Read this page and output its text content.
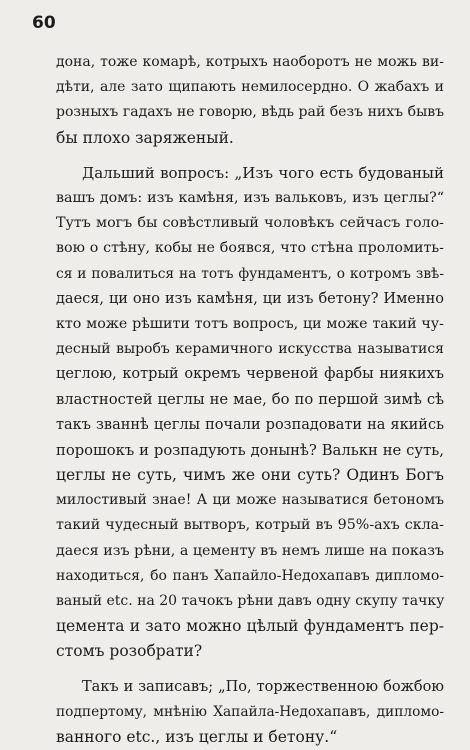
60
дона, тоже комарѣ, котрыхъ наоборотъ не можь ви-
дѣти, але зато щипають немилосердно. О жабахъ и
розныхъ гадахъ не говорю, вѣдь рай безъ нихъ бывъ
бы плохо заряженый.
Дальший вопросъ: „Изъ чого есть будованый
вашъ домъ: изъ камѣня, изъ вальковъ, изъ цеглы?“
Тутъ могъ бы совѣстливый чоловѣкъ сейчасъ голо-
вою о стѣну, кобы не боявся, что стѣна проломить-
ся и повалиться на тотъ фундаментъ, о котромъ звѣ-
даеся, ци оно изъ камѣня, ци изъ бетону? Именно
кто може рѣшити тотъ вопросъ, ци може такий чу-
десный выробъ керамичного искусства называтися
цеглою, котрый окремъ червеной фарбы ниякихъ
властностей цеглы не мае, бо по першой зимѣ сѣ
такъ званнѣ цеглы почали розпадовати на якийсь
порошокъ и розпадують донынѣ? Валькн не суть,
цеглы не суть, чимъ же они суть? Одинъ Богъ
милостивый знае! А ци може называтися бетономъ
такий чудесный вытворъ, котрый въ 95%-ахъ скла-
даеся изъ рѣни, а цементу въ немъ лише на показъ
находиться, бо панъ Хапайло-Недохапавъ дипломо-
ваный etc. на 20 тачокъ рѣни давъ одну скупу тачку
цемента и зато можно цѣлый фундаментъ пер-
стомъ розобрати?
Такъ и записавъ; „По, торжественною божбою
подпертому, мнѣнію Хапайла-Недохапавъ, дипломо-
ванного etc., изъ цеглы и бетону.“
